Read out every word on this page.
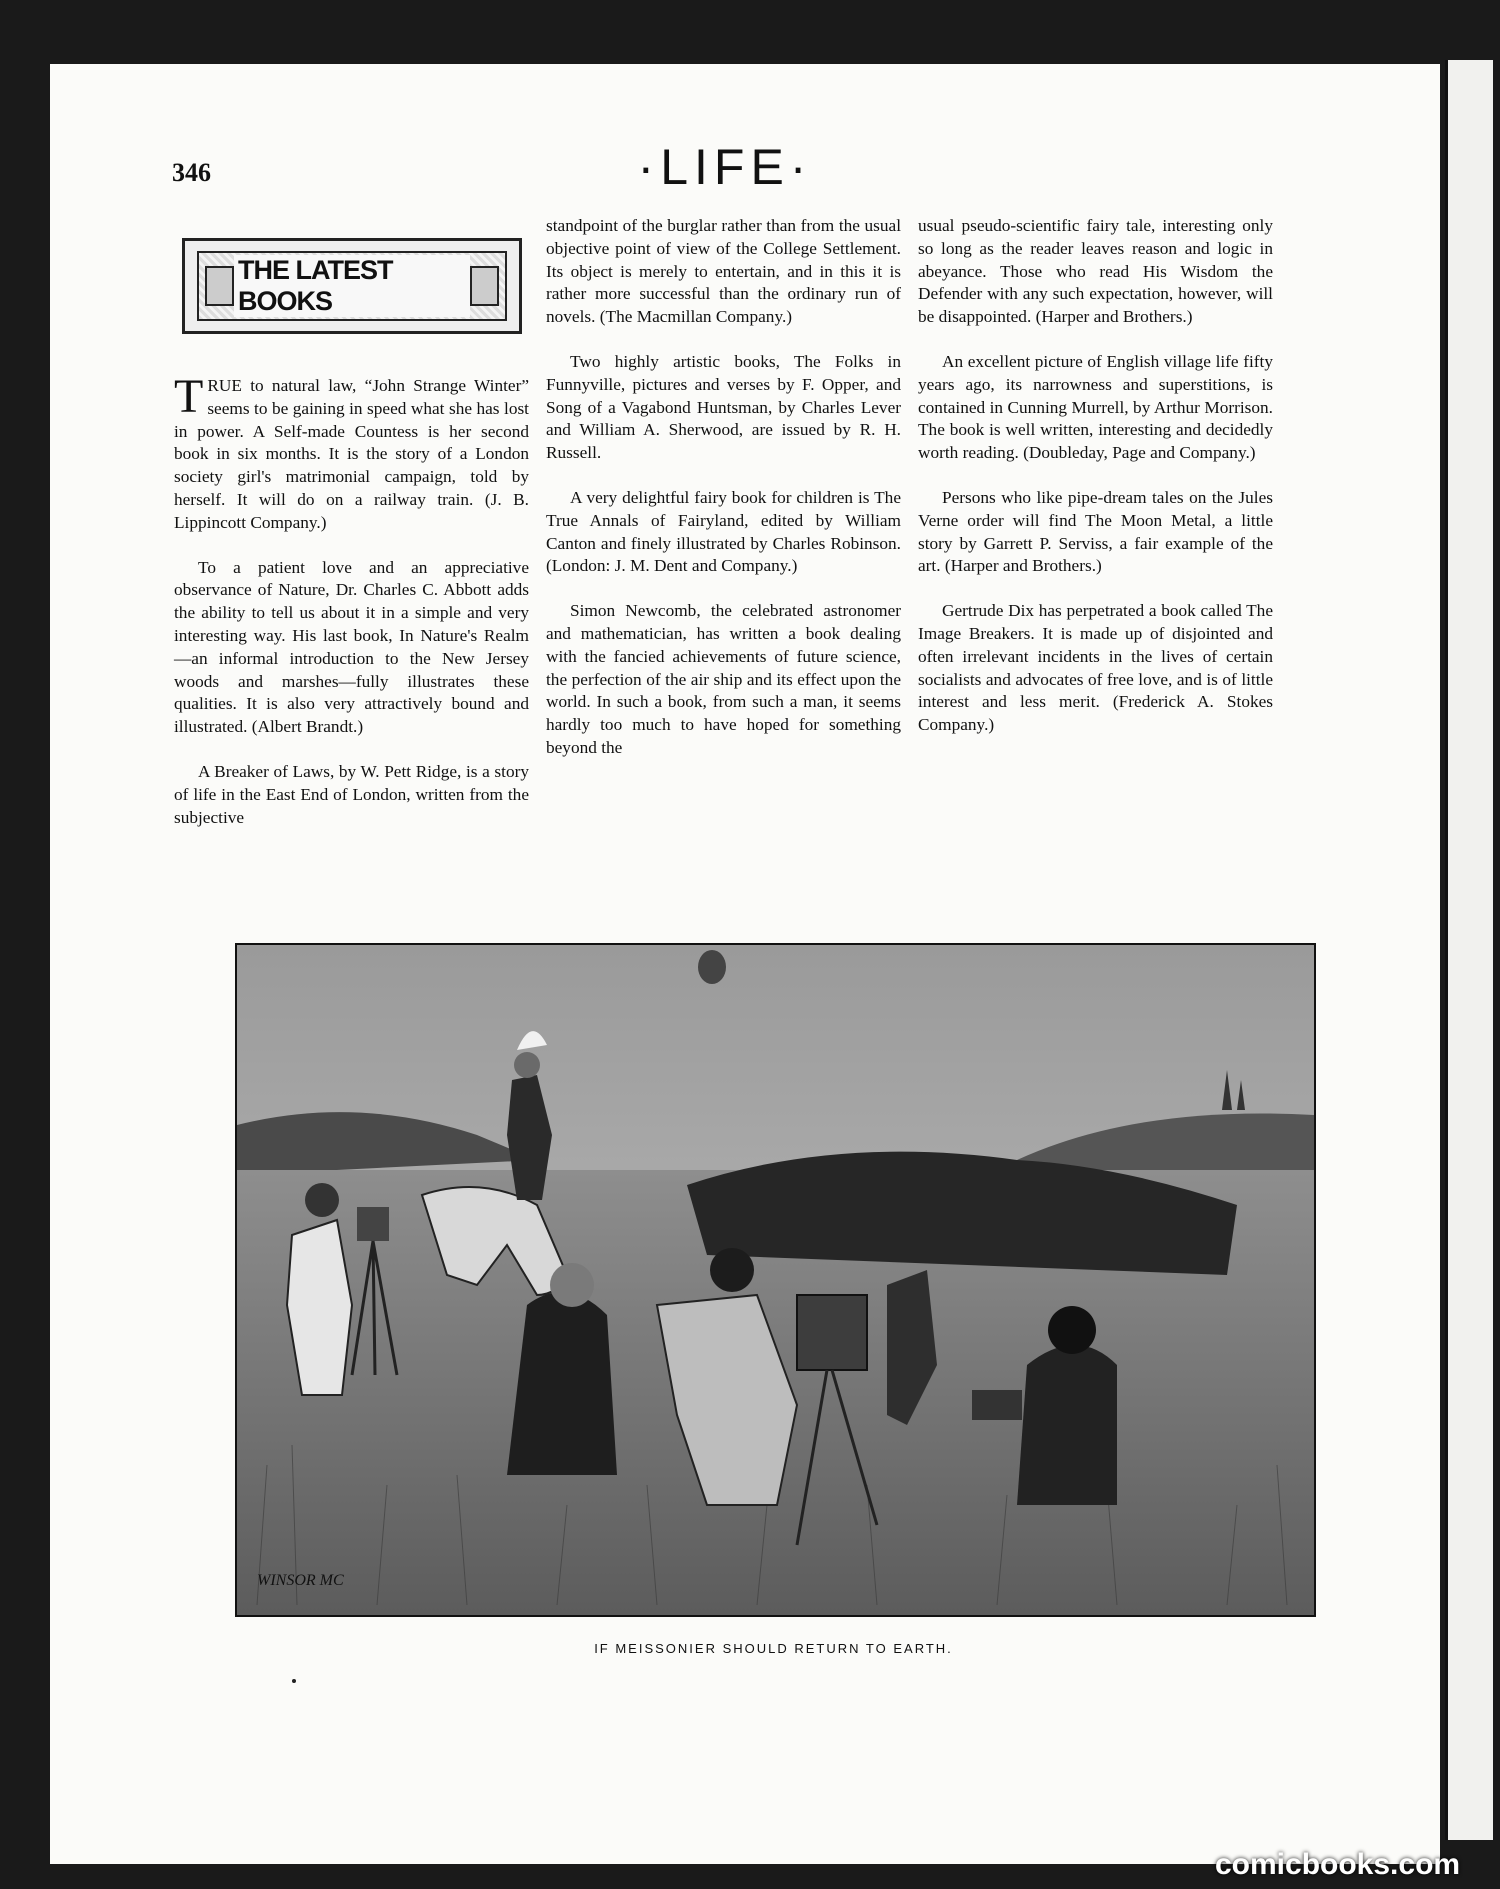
346	·LIFE·
THE LATEST BOOKS

TRUE to natural law, “John Strange Winter” seems to be gaining in speed what she has lost in power. A Self-made Countess is her second book in six months. It is the story of a London society girl's matrimonial campaign, told by herself. It will do on a railway train. (J. B. Lippincott Company.)

To a patient love and an appreciative observance of Nature, Dr. Charles C. Abbott adds the ability to tell us about it in a simple and very interesting way. His last book, In Nature's Realm—an informal introduction to the New Jersey woods and marshes—fully illustrates these qualities. It is also very attractively bound and illustrated. (Albert Brandt.)

A Breaker of Laws, by W. Pett Ridge, is a story of life in the East End of London, written from the subjective

standpoint of the burglar rather than from the usual objective point of view of the College Settlement. Its object is merely to entertain, and in this it is rather more successful than the ordinary run of novels. (The Macmillan Company.)

Two highly artistic books, The Folks in Funnyville, pictures and verses by F. Opper, and Song of a Vagabond Huntsman, by Charles Lever and William A. Sherwood, are issued by R. H. Russell.

A very delightful fairy book for children is The True Annals of Fairyland, edited by William Canton and finely illustrated by Charles Robinson. (London: J. M. Dent and Company.)

Simon Newcomb, the celebrated astronomer and mathematician, has written a book dealing with the fancied achievements of future science, the perfection of the air ship and its effect upon the world. In such a book, from such a man, it seems hardly too much to have hoped for something beyond the

usual pseudo-scientific fairy tale, interesting only so long as the reader leaves reason and logic in abeyance. Those who read His Wisdom the Defender with any such expectation, however, will be disappointed. (Harper and Brothers.)

An excellent picture of English village life fifty years ago, its narrowness and superstitions, is contained in Cunning Murrell, by Arthur Morrison. The book is well written, interesting and decidedly worth reading. (Doubleday, Page and Company.)

Persons who like pipe-dream tales on the Jules Verne order will find The Moon Metal, a little story by Garrett P. Serviss, a fair example of the art. (Harper and Brothers.)

Gertrude Dix has perpetrated a book called The Image Breakers. It is made up of disjointed and often irrelevant incidents in the lives of certain socialists and advocates of free love, and is of little interest and less merit. (Frederick A. Stokes Company.)

WINSOR MC
IF MEISSONIER SHOULD RETURN TO EARTH.
comicbooks.com
